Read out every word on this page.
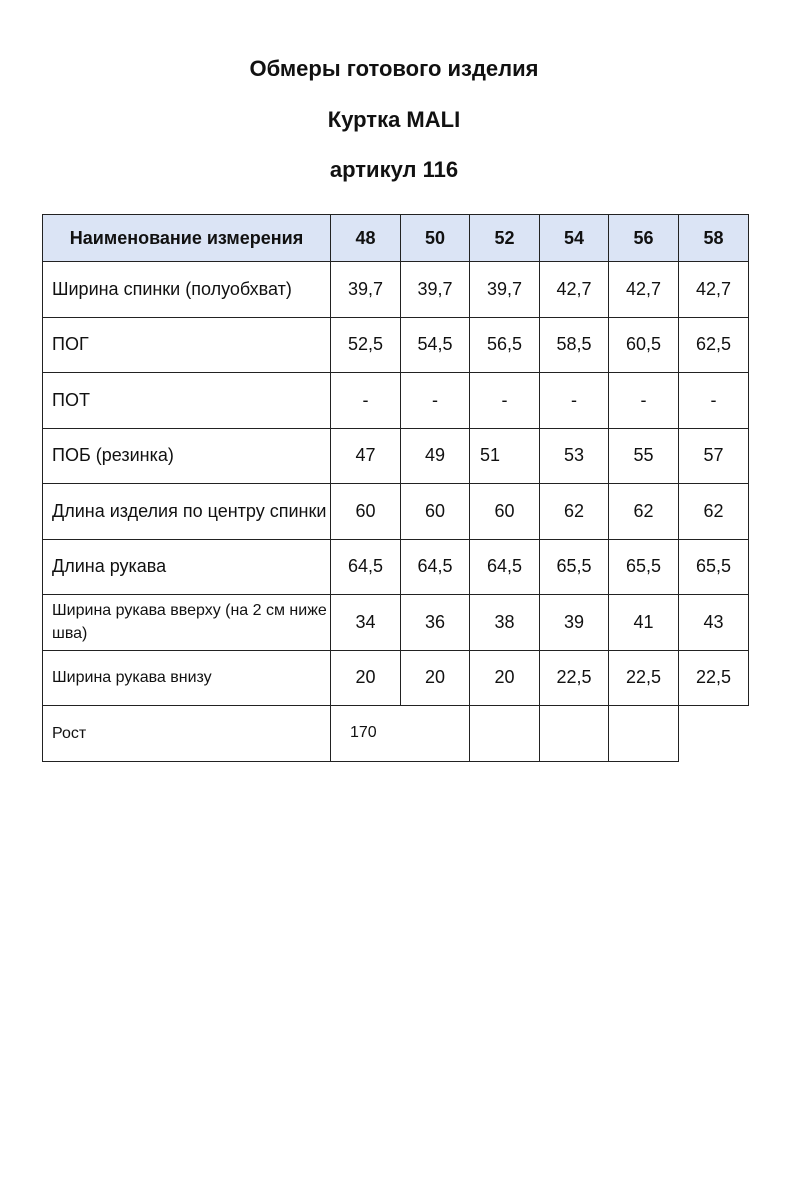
Обмеры готового изделия
Куртка MALI
артикул 116
Наименование измерения	48	50	52	54	56	58
Ширина спинки (полуобхват)	39,7	39,7	39,7	42,7	42,7	42,7
ПОГ	52,5	54,5	56,5	58,5	60,5	62,5
ПОТ	-	-	-	-	-	-
ПОБ (резинка)	47	49	51	53	55	57
Длина изделия по центру спинки	60	60	60	62	62	62
Длина рукава	64,5	64,5	64,5	65,5	65,5	65,5
Ширина рукава вверху (на 2 см ниже шва)	34	36	38	39	41	43
Ширина рукава внизу	20	20	20	22,5	22,5	22,5
Рост	170					
